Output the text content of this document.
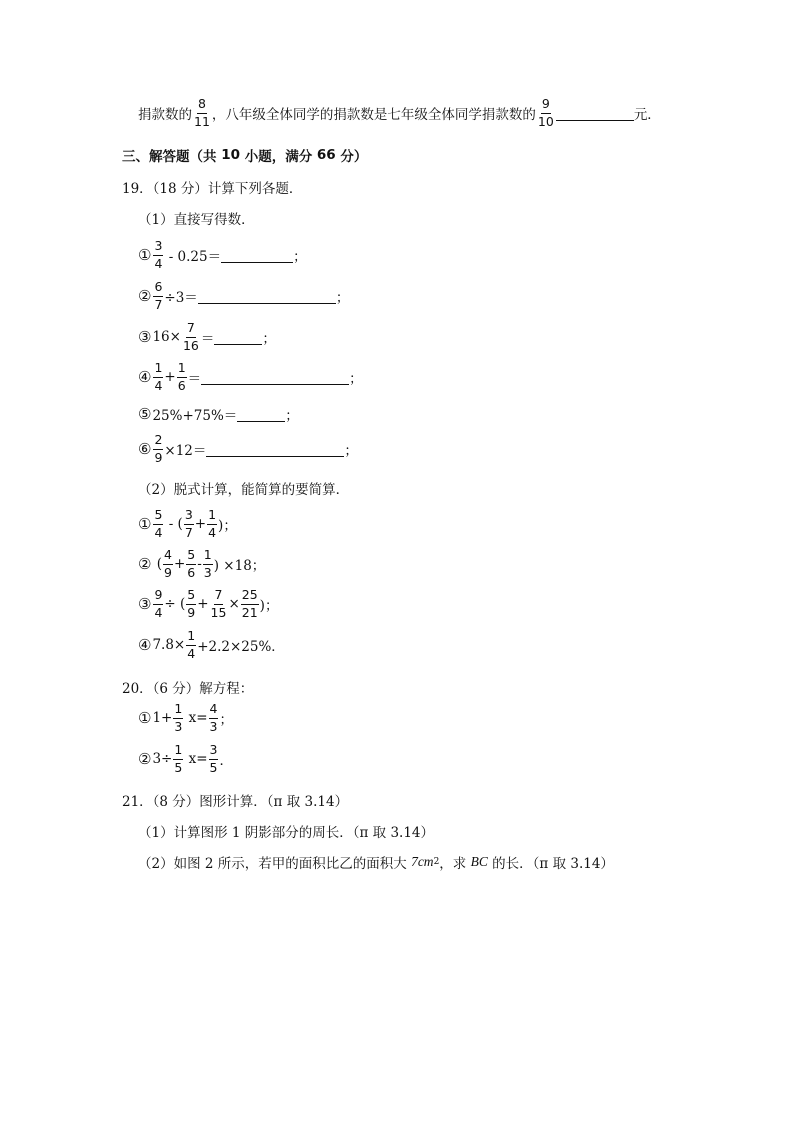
捐款数的 $\frac{8}{11}$ ，八年级全体同学的捐款数是七年级全体同学捐款数的 $\frac{9}{10}$	元．
三、解答题（共 10 小题，满分 66 分）
19．（18 分）计算下列各题．
（1）直接写得数．
① $\frac{3}{4} - 0.25=$	；
② $\frac{6}{7} \div 3=$	；
③ $16\times \frac{7}{16}$ ＝	；
④ $\frac{1}{4} + \frac{1}{6}$ ＝	；
⑤ 25%+75%＝	；
⑥ $\frac{2}{9} \times 12=$	；
（2）脱式计算，能简算的要简算．
① $\frac{5}{4}$ - ( $\frac{3}{7} + \frac{1}{4}$ )；
② ( $\frac{4}{9} + \frac{5}{6} - \frac{1}{3}$ ) ×18；
③ $\frac{9}{4}$ ÷ ( $\frac{5}{9} + \frac{7}{15} \times \frac{25}{21}$ )；
④ $7.8\times \frac{1}{4} +2.2\times 25\%$．
20．（6 分）解方程：
① $1+ \frac{1}{3} x= \frac{4}{3}$ ；
② $3\div \frac{1}{5} x= \frac{3}{5}$ ．
21．（8 分）图形计算．（π 取 3.14）
（1）计算图形 1 阴影部分的周长．（π 取 3.14）
（2）如图 2 所示，若甲的面积比乙的面积大 7 cm 2 ，求 BC 的长．（π 取 3.14）
